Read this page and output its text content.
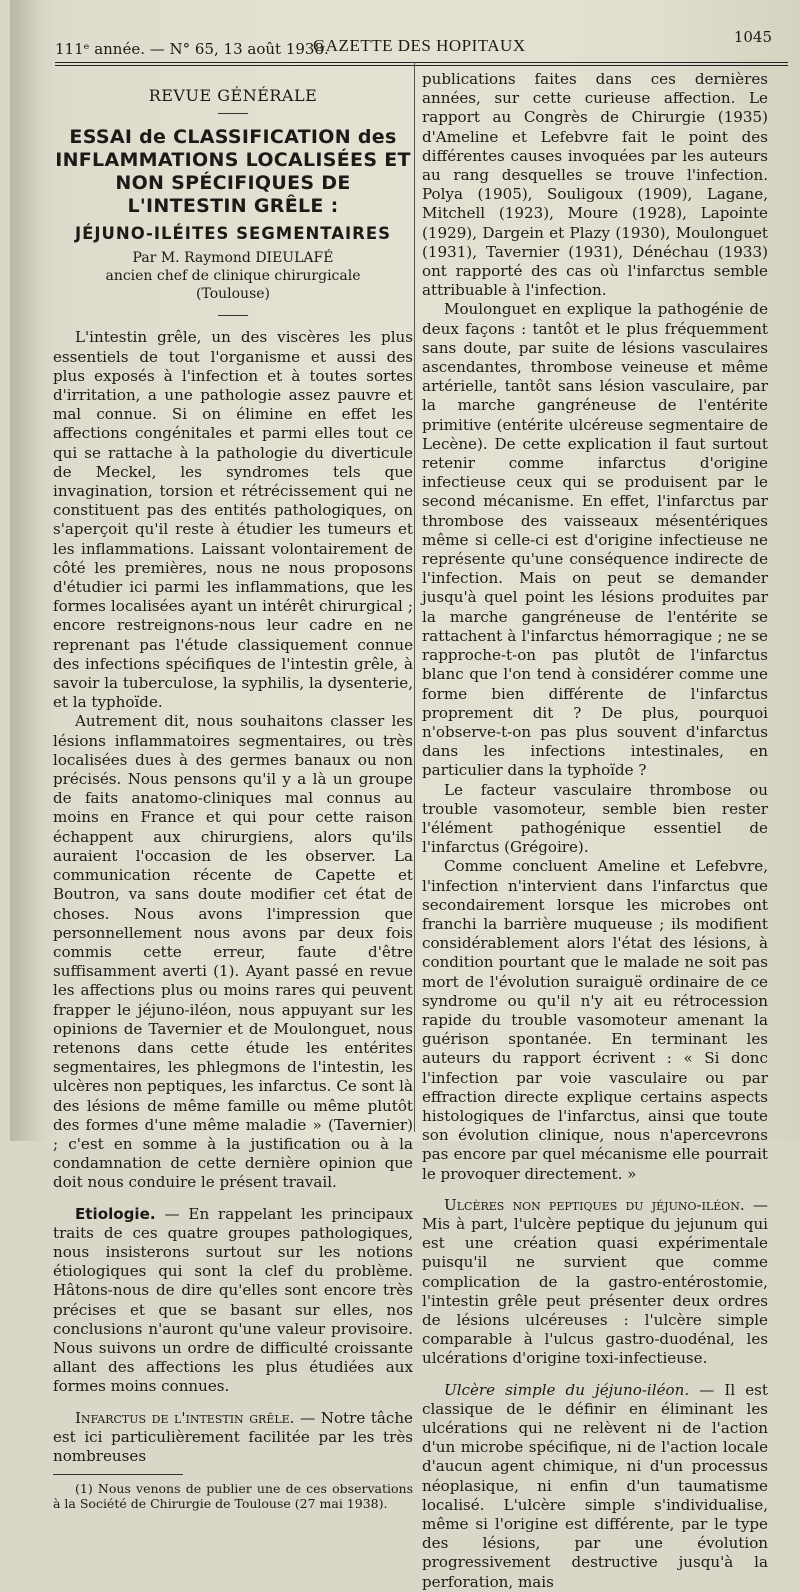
111ᵉ année. — N° 65, 13 août 1938.
GAZETTE DES HOPITAUX	1045
REVUE GÉNÉRALE
ESSAI de CLASSIFICATION des INFLAMMATIONS LOCALISÉES ET NON SPÉCIFIQUES DE L'INTESTIN GRÊLE :
JÉJUNO-ILÉITES SEGMENTAIRES
Par M. Raymond DIEULAFÉ
ancien chef de clinique chirurgicale
(Toulouse)

L'intestin grêle, un des viscères les plus essentiels de tout l'organisme et aussi des plus exposés à l'infection et à toutes sortes d'irritation, a une pathologie assez pauvre et mal connue. Si on élimine en effet les affections congénitales et parmi elles tout ce qui se rattache à la pathologie du diverticule de Meckel, les syndromes tels que invagination, torsion et rétrécissement qui ne constituent pas des entités pathologiques, on s'aperçoit qu'il reste à étudier les tumeurs et les inflammations. Laissant volontairement de côté les premières, nous ne nous proposons d'étudier ici parmi les inflammations, que les formes localisées ayant un intérêt chirurgical ; encore restreignons-nous leur cadre en ne reprenant pas l'étude classiquement connue des infections spécifiques de l'intestin grêle, à savoir la tuberculose, la syphilis, la dysenterie, et la typhoïde.

Autrement dit, nous souhaitons classer les lésions inflammatoires segmentaires, ou très localisées dues à des germes banaux ou non précisés. Nous pensons qu'il y a là un groupe de faits anatomo-cliniques mal connus au moins en France et qui pour cette raison échappent aux chirurgiens, alors qu'ils auraient l'occasion de les observer. La communication récente de Capette et Boutron, va sans doute modifier cet état de choses. Nous avons l'impression que personnellement nous avons par deux fois commis cette erreur, faute d'être suffisamment averti (1). Ayant passé en revue les affections plus ou moins rares qui peuvent frapper le jéjuno-iléon, nous appuyant sur les opinions de Tavernier et de Moulonguet, nous retenons dans cette étude les entérites segmentaires, les phlegmons de l'intestin, les ulcères non peptiques, les infarctus. Ce sont là des lésions de même famille ou même plutôt des formes d'une même maladie » (Tavernier) ; c'est en somme à la justification ou à la condamnation de cette dernière opinion que doit nous conduire le présent travail.

Etiologie. — En rappelant les principaux traits de ces quatre groupes pathologiques, nous insisterons surtout sur les notions étiologiques qui sont la clef du problème. Hâtons-nous de dire qu'elles sont encore très précises et que se basant sur elles, nos conclusions n'auront qu'une valeur provisoire. Nous suivons un ordre de difficulté croissante allant des affections les plus étudiées aux formes moins connues.

Infarctus de l'intestin grêle. — Notre tâche est ici particulièrement facilitée par les très nombreuses

(1) Nous venons de publier une de ces observations à la Société de Chirurgie de Toulouse (27 mai 1938).

publications faites dans ces dernières années, sur cette curieuse affection. Le rapport au Congrès de Chirurgie (1935) d'Ameline et Lefebvre fait le point des différentes causes invoquées par les auteurs au rang desquelles se trouve l'infection. Polya (1905), Souligoux (1909), Lagane, Mitchell (1923), Moure (1928), Lapointe (1929), Dargein et Plazy (1930), Moulonguet (1931), Tavernier (1931), Dénéchau (1933) ont rapporté des cas où l'infarctus semble attribuable à l'infection.

Moulonguet en explique la pathogénie de deux façons : tantôt et le plus fréquemment sans doute, par suite de lésions vasculaires ascendantes, thrombose veineuse et même artérielle, tantôt sans lésion vasculaire, par la marche gangréneuse de l'entérite primitive (entérite ulcéreuse segmentaire de Lecène). De cette explication il faut surtout retenir comme infarctus d'origine infectieuse ceux qui se produisent par le second mécanisme. En effet, l'infarctus par thrombose des vaisseaux mésentériques même si celle-ci est d'origine infectieuse ne représente qu'une conséquence indirecte de l'infection. Mais on peut se demander jusqu'à quel point les lésions produites par la marche gangréneuse de l'entérite se rattachent à l'infarctus hémorragique ; ne se rapproche-t-on pas plutôt de l'infarctus blanc que l'on tend à considérer comme une forme bien différente de l'infarctus proprement dit ? De plus, pourquoi n'observe-t-on pas plus souvent d'infarctus dans les infections intestinales, en particulier dans la typhoïde ?

Le facteur vasculaire thrombose ou trouble vasomoteur, semble bien rester l'élément pathogénique essentiel de l'infarctus (Grégoire).

Comme concluent Ameline et Lefebvre, l'infection n'intervient dans l'infarctus que secondairement lorsque les microbes ont franchi la barrière muqueuse ; ils modifient considérablement alors l'état des lésions, à condition pourtant que le malade ne soit pas mort de l'évolution suraiguë ordinaire de ce syndrome ou qu'il n'y ait eu rétrocession rapide du trouble vasomoteur amenant la guérison spontanée. En terminant les auteurs du rapport écrivent : « Si donc l'infection par voie vasculaire ou par effraction directe explique certains aspects histologiques de l'infarctus, ainsi que toute son évolution clinique, nous n'apercevrons pas encore par quel mécanisme elle pourrait le provoquer directement. »

Ulcères non peptiques du jéjuno-iléon. — Mis à part, l'ulcère peptique du jejunum qui est une création quasi expérimentale puisqu'il ne survient que comme complication de la gastro-entérostomie, l'intestin grêle peut présenter deux ordres de lésions ulcéreuses : l'ulcère simple comparable à l'ulcus gastro-duodénal, les ulcérations d'origine toxi-infectieuse.

Ulcère simple du jéjuno-iléon. — Il est classique de le définir en éliminant les ulcérations qui ne relèvent ni de l'action d'un microbe spécifique, ni de l'action locale d'aucun agent chimique, ni d'un processus néoplasique, ni enfin d'un taumatisme localisé. L'ulcère simple s'individualise, même si l'origine est différente, par le type des lésions, par une évolution progressivement destructive jusqu'à la perforation, mais
